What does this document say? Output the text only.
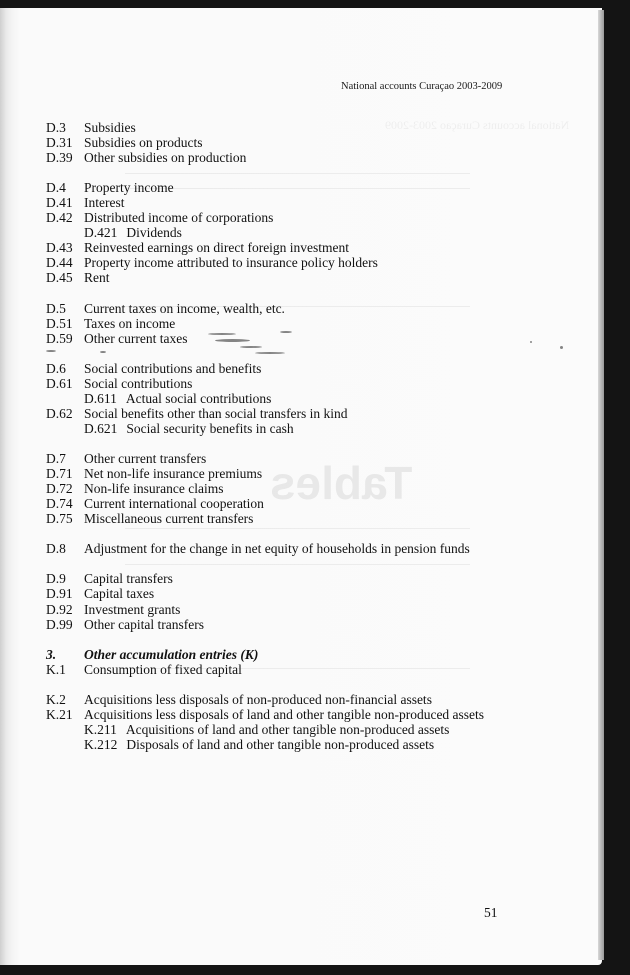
National accounts Curaçao 2003-2009
Tables
National accounts Curaçao 2003-2009
D.3	Subsidies
D.31 Subsidies on products
D.39 Other subsidies on production
D.4	Property income
D.41 Interest
D.42 Distributed income of corporations
D.421 Dividends
D.43 Reinvested earnings on direct foreign investment
D.44 Property income attributed to insurance policy holders
D.45 Rent
D.5	Current taxes on income, wealth, etc.
D.51 Taxes on income
D.59 Other current taxes
D.6	Social contributions and benefits
D.61 Social contributions
D.611 Actual social contributions
D.62 Social benefits other than social transfers in kind
D.621 Social security benefits in cash
D.7	Other current transfers
D.71 Net non-life insurance premiums
D.72 Non-life insurance claims
D.74 Current international cooperation
D.75 Miscellaneous current transfers
D.8	Adjustment for the change in net equity of households in pension funds
D.9	Capital transfers
D.91 Capital taxes
D.92 Investment grants
D.99 Other capital transfers
3.	Other accumulation entries (K)
K.1	Consumption of fixed capital
K.2	Acquisitions less disposals of non-produced non-financial assets
K.21 Acquisitions less disposals of land and other tangible non-produced assets
K.211 Acquisitions of land and other tangible non-produced assets
K.212 Disposals of land and other tangible non-produced assets
51
